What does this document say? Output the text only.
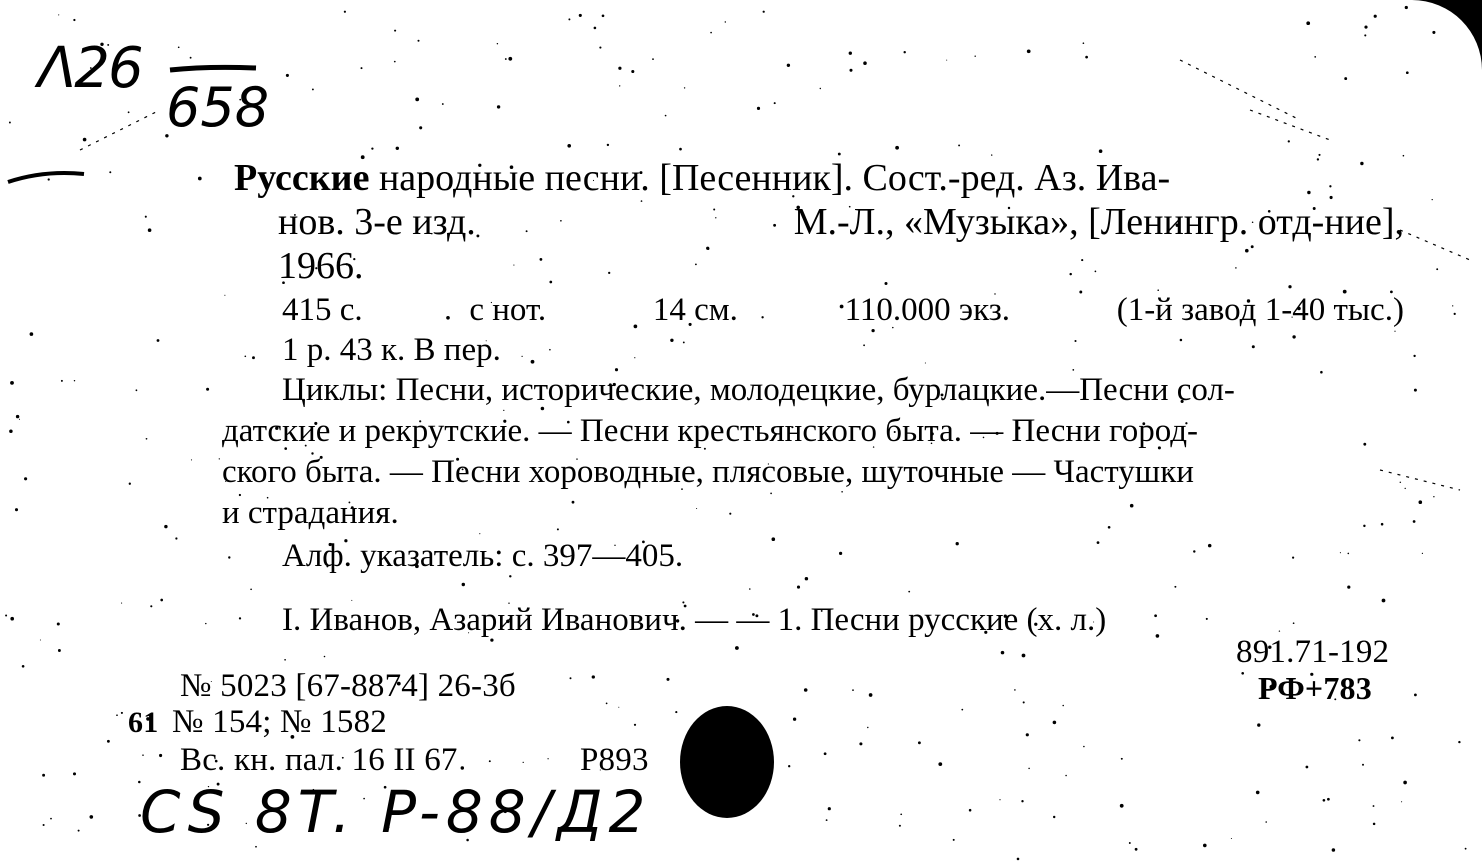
ᐱ26
658
Русские народные песни. [Песенник]. Сост.-ред. Аз. Ива-
нов. 3-е изд.	М.-Л., «Музыка», [Ленингр. отд-ние],
1966.
415 с.	с нот.	14 см.	110.000 экз.	(1-й завод 1-40 тыс.)
1 р. 43 к. В пер.
Циклы: Песни, исторические, молодецкие, бурлацкие.—Песни сол-
датские и рекрутские. — Песни крестьянского быта. — Песни город-
ского быта. — Песни хороводные, плясовые, шуточные — Частушки
и страдания.
Алф. указатель: с. 397—405.
I. Иванов, Азарий Иванович. — — 1. Песни русские (х. л.)
891.71-192
РФ+783
№ 5023 [67-8874] 26-3б
61 № 154; № 1582
Вс. кн. пал. 16 II 67	Р893
CS 8T. P-88/Д2
